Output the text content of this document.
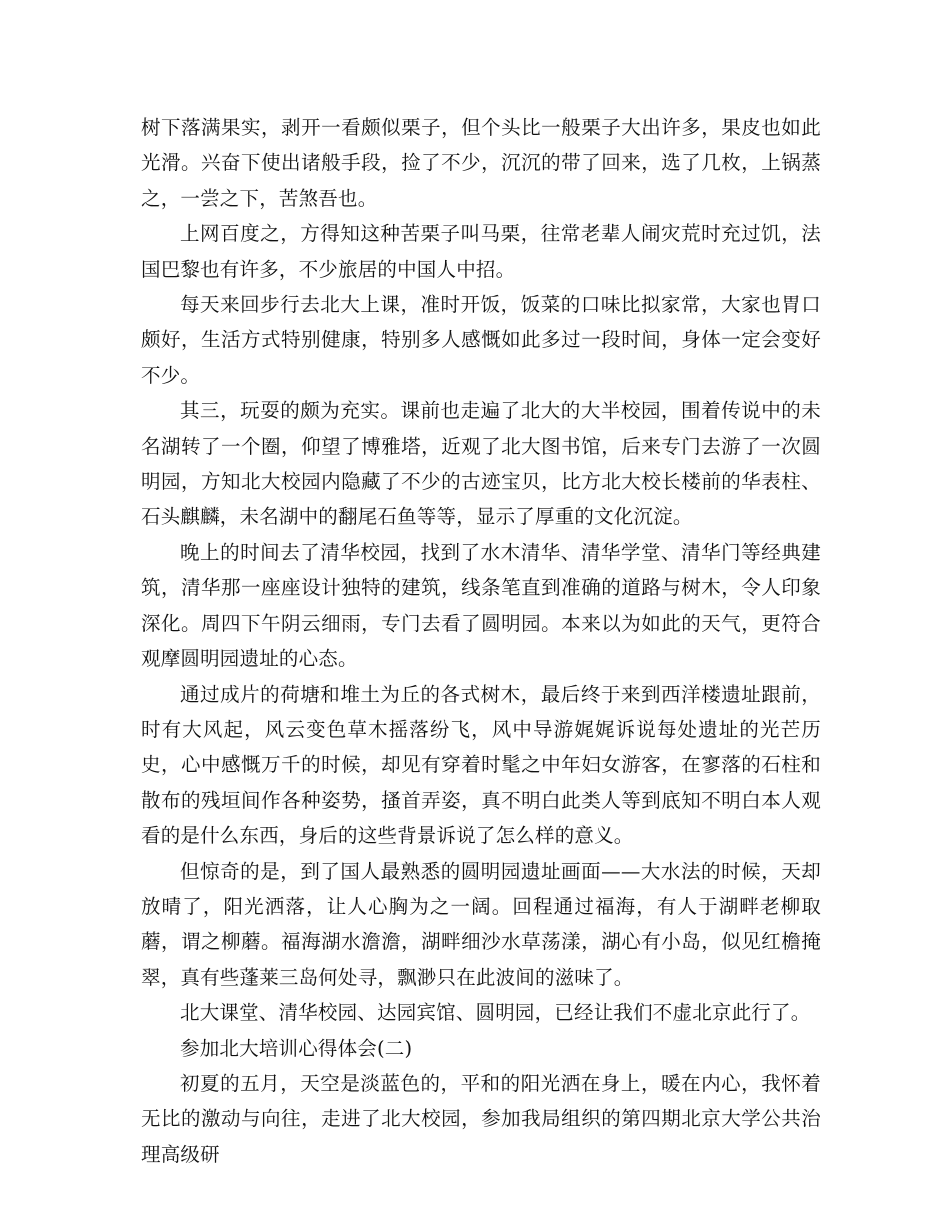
树下落满果实，剥开一看颇似栗子，但个头比一般栗子大出许多，果皮也如此光滑。兴奋下使出诸般手段，捡了不少，沉沉的带了回来，选了几枚，上锅蒸之，一尝之下，苦煞吾也。

上网百度之，方得知这种苦栗子叫马栗，往常老辈人闹灾荒时充过饥，法国巴黎也有许多，不少旅居的中国人中招。

每天来回步行去北大上课，准时开饭，饭菜的口味比拟家常，大家也胃口颇好，生活方式特别健康，特别多人感慨如此多过一段时间，身体一定会变好不少。

其三，玩耍的颇为充实。课前也走遍了北大的大半校园，围着传说中的未名湖转了一个圈，仰望了博雅塔，近观了北大图书馆，后来专门去游了一次圆明园，方知北大校园内隐藏了不少的古迹宝贝，比方北大校长楼前的华表柱、石头麒麟，未名湖中的翻尾石鱼等等，显示了厚重的文化沉淀。

晚上的时间去了清华校园，找到了水木清华、清华学堂、清华门等经典建筑，清华那一座座设计独特的建筑，线条笔直到准确的道路与树木，令人印象深化。周四下午阴云细雨，专门去看了圆明园。本来以为如此的天气，更符合观摩圆明园遗址的心态。

通过成片的荷塘和堆土为丘的各式树木，最后终于来到西洋楼遗址跟前，时有大风起，风云变色草木摇落纷飞，风中导游娓娓诉说每处遗址的光芒历史，心中感慨万千的时候，却见有穿着时髦之中年妇女游客，在寥落的石柱和散布的残垣间作各种姿势，搔首弄姿，真不明白此类人等到底知不明白本人观看的是什么东西，身后的这些背景诉说了怎么样的意义。

但惊奇的是，到了国人最熟悉的圆明园遗址画面——大水法的时候，天却放晴了，阳光洒落，让人心胸为之一阔。回程通过福海，有人于湖畔老柳取蘑，谓之柳蘑。福海湖水澹澹，湖畔细沙水草荡漾，湖心有小岛，似见红檐掩翠，真有些蓬莱三岛何处寻，飘渺只在此波间的滋味了。

北大课堂、清华校园、达园宾馆、圆明园，已经让我们不虚北京此行了。

参加北大培训心得体会(二)

初夏的五月，天空是淡蓝色的，平和的阳光洒在身上，暖在内心，我怀着无比的激动与向往，走进了北大校园，参加我局组织的第四期北京大学公共治理高级研
